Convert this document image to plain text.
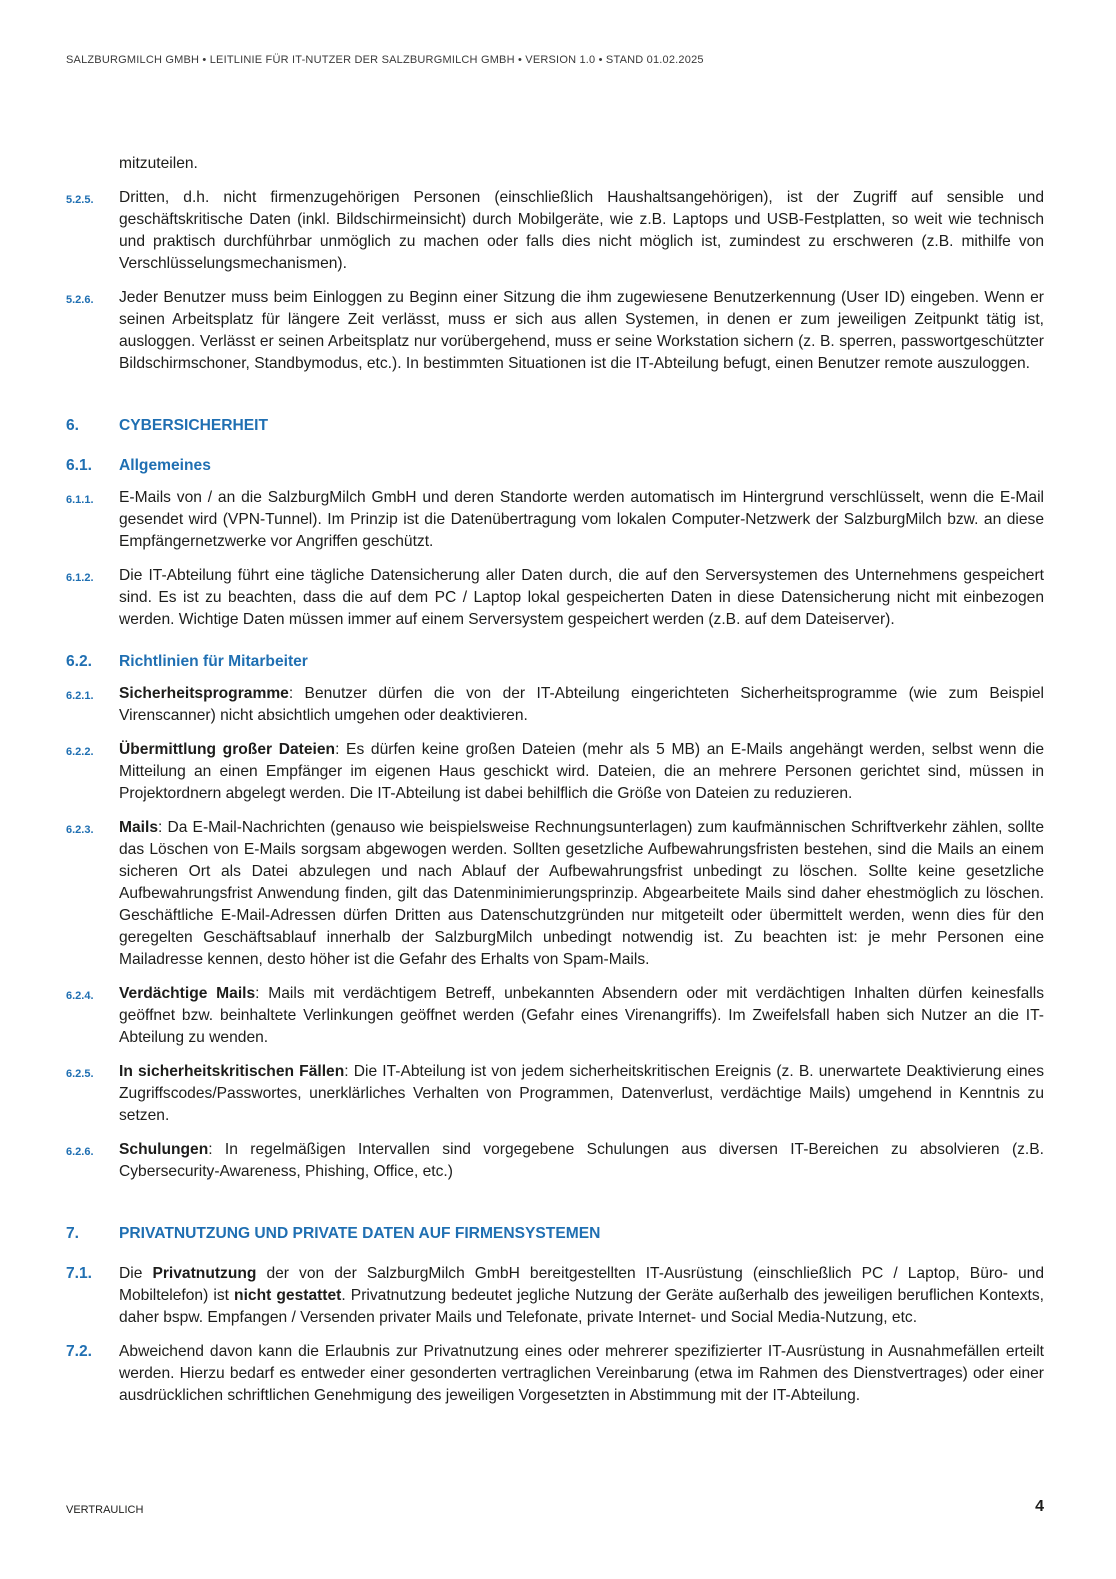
SALZBURGMILCH GMBH • LEITLINIE FÜR IT-NUTZER DER SALZBURGMILCH GMBH • VERSION 1.0 • STAND 01.02.2025
mitzuteilen.
5.2.5.	Dritten, d.h. nicht firmenzugehörigen Personen (einschließlich Haushaltsangehörigen), ist der Zugriff auf sensible und geschäftskritische Daten (inkl. Bildschirmeinsicht) durch Mobilgeräte, wie z.B. Laptops und USB-Festplatten, so weit wie technisch und praktisch durchführbar unmöglich zu machen oder falls dies nicht möglich ist, zumindest zu erschweren (z.B. mithilfe von Verschlüsselungsmechanismen).
5.2.6.	Jeder Benutzer muss beim Einloggen zu Beginn einer Sitzung die ihm zugewiesene Benutzerkennung (User ID) eingeben. Wenn er seinen Arbeitsplatz für längere Zeit verlässt, muss er sich aus allen Systemen, in denen er zum jeweiligen Zeitpunkt tätig ist, ausloggen. Verlässt er seinen Arbeitsplatz nur vorübergehend, muss er seine Workstation sichern (z. B. sperren, passwortgeschützter Bildschirmschoner, Standbymodus, etc.). In bestimmten Situationen ist die IT-Abteilung befugt, einen Benutzer remote auszuloggen.
6.	CYBERSICHERHEIT
6.1.	Allgemeines
6.1.1.	E-Mails von / an die SalzburgMilch GmbH und deren Standorte werden automatisch im Hintergrund verschlüsselt, wenn die E-Mail gesendet wird (VPN-Tunnel). Im Prinzip ist die Datenübertragung vom lokalen Computer-Netzwerk der SalzburgMilch bzw. an diese Empfängernetzwerke vor Angriffen geschützt.
6.1.2.	Die IT-Abteilung führt eine tägliche Datensicherung aller Daten durch, die auf den Serversystemen des Unternehmens gespeichert sind. Es ist zu beachten, dass die auf dem PC / Laptop lokal gespeicherten Daten in diese Datensicherung nicht mit einbezogen werden. Wichtige Daten müssen immer auf einem Serversystem gespeichert werden (z.B. auf dem Dateiserver).
6.2.	Richtlinien für Mitarbeiter
6.2.1.	Sicherheitsprogramme: Benutzer dürfen die von der IT-Abteilung eingerichteten Sicherheitsprogramme (wie zum Beispiel Virenscanner) nicht absichtlich umgehen oder deaktivieren.
6.2.2.	Übermittlung großer Dateien: Es dürfen keine großen Dateien (mehr als 5 MB) an E-Mails angehängt werden, selbst wenn die Mitteilung an einen Empfänger im eigenen Haus geschickt wird. Dateien, die an mehrere Personen gerichtet sind, müssen in Projektordnern abgelegt werden. Die IT-Abteilung ist dabei behilflich die Größe von Dateien zu reduzieren.
6.2.3.	Mails: Da E-Mail-Nachrichten (genauso wie beispielsweise Rechnungsunterlagen) zum kaufmännischen Schriftverkehr zählen, sollte das Löschen von E-Mails sorgsam abgewogen werden. Sollten gesetzliche Aufbewahrungsfristen bestehen, sind die Mails an einem sicheren Ort als Datei abzulegen und nach Ablauf der Aufbewahrungsfrist unbedingt zu löschen. Sollte keine gesetzliche Aufbewahrungsfrist Anwendung finden, gilt das Datenminimierungsprinzip. Abgearbeitete Mails sind daher ehestmöglich zu löschen. Geschäftliche E-Mail-Adressen dürfen Dritten aus Datenschutzgründen nur mitgeteilt oder übermittelt werden, wenn dies für den geregelten Geschäftsablauf innerhalb der SalzburgMilch unbedingt notwendig ist. Zu beachten ist: je mehr Personen eine Mailadresse kennen, desto höher ist die Gefahr des Erhalts von Spam-Mails.
6.2.4.	Verdächtige Mails: Mails mit verdächtigem Betreff, unbekannten Absendern oder mit verdächtigen Inhalten dürfen keinesfalls geöffnet bzw. beinhaltete Verlinkungen geöffnet werden (Gefahr eines Virenangriffs). Im Zweifelsfall haben sich Nutzer an die IT-Abteilung zu wenden.
6.2.5.	In sicherheitskritischen Fällen: Die IT-Abteilung ist von jedem sicherheitskritischen Ereignis (z. B. unerwartete Deaktivierung eines Zugriffscodes/Passwortes, unerklärliches Verhalten von Programmen, Datenverlust, verdächtige Mails) umgehend in Kenntnis zu setzen.
6.2.6.	Schulungen: In regelmäßigen Intervallen sind vorgegebene Schulungen aus diversen IT-Bereichen zu absolvieren (z.B. Cybersecurity-Awareness, Phishing, Office, etc.)
7.	PRIVATNUTZUNG UND PRIVATE DATEN AUF FIRMENSYSTEMEN
7.1.	Die Privatnutzung der von der SalzburgMilch GmbH bereitgestellten IT-Ausrüstung (einschließlich PC / Laptop, Büro- und Mobiltelefon) ist nicht gestattet. Privatnutzung bedeutet jegliche Nutzung der Geräte außerhalb des jeweiligen beruflichen Kontexts, daher bspw. Empfangen / Versenden privater Mails und Telefonate, private Internet- und Social Media-Nutzung, etc.
7.2.	Abweichend davon kann die Erlaubnis zur Privatnutzung eines oder mehrerer spezifizierter IT-Ausrüstung in Ausnahmefällen erteilt werden. Hierzu bedarf es entweder einer gesonderten vertraglichen Vereinbarung (etwa im Rahmen des Dienstvertrages) oder einer ausdrücklichen schriftlichen Genehmigung des jeweiligen Vorgesetzten in Abstimmung mit der IT-Abteilung.
VERTRAULICH	4
